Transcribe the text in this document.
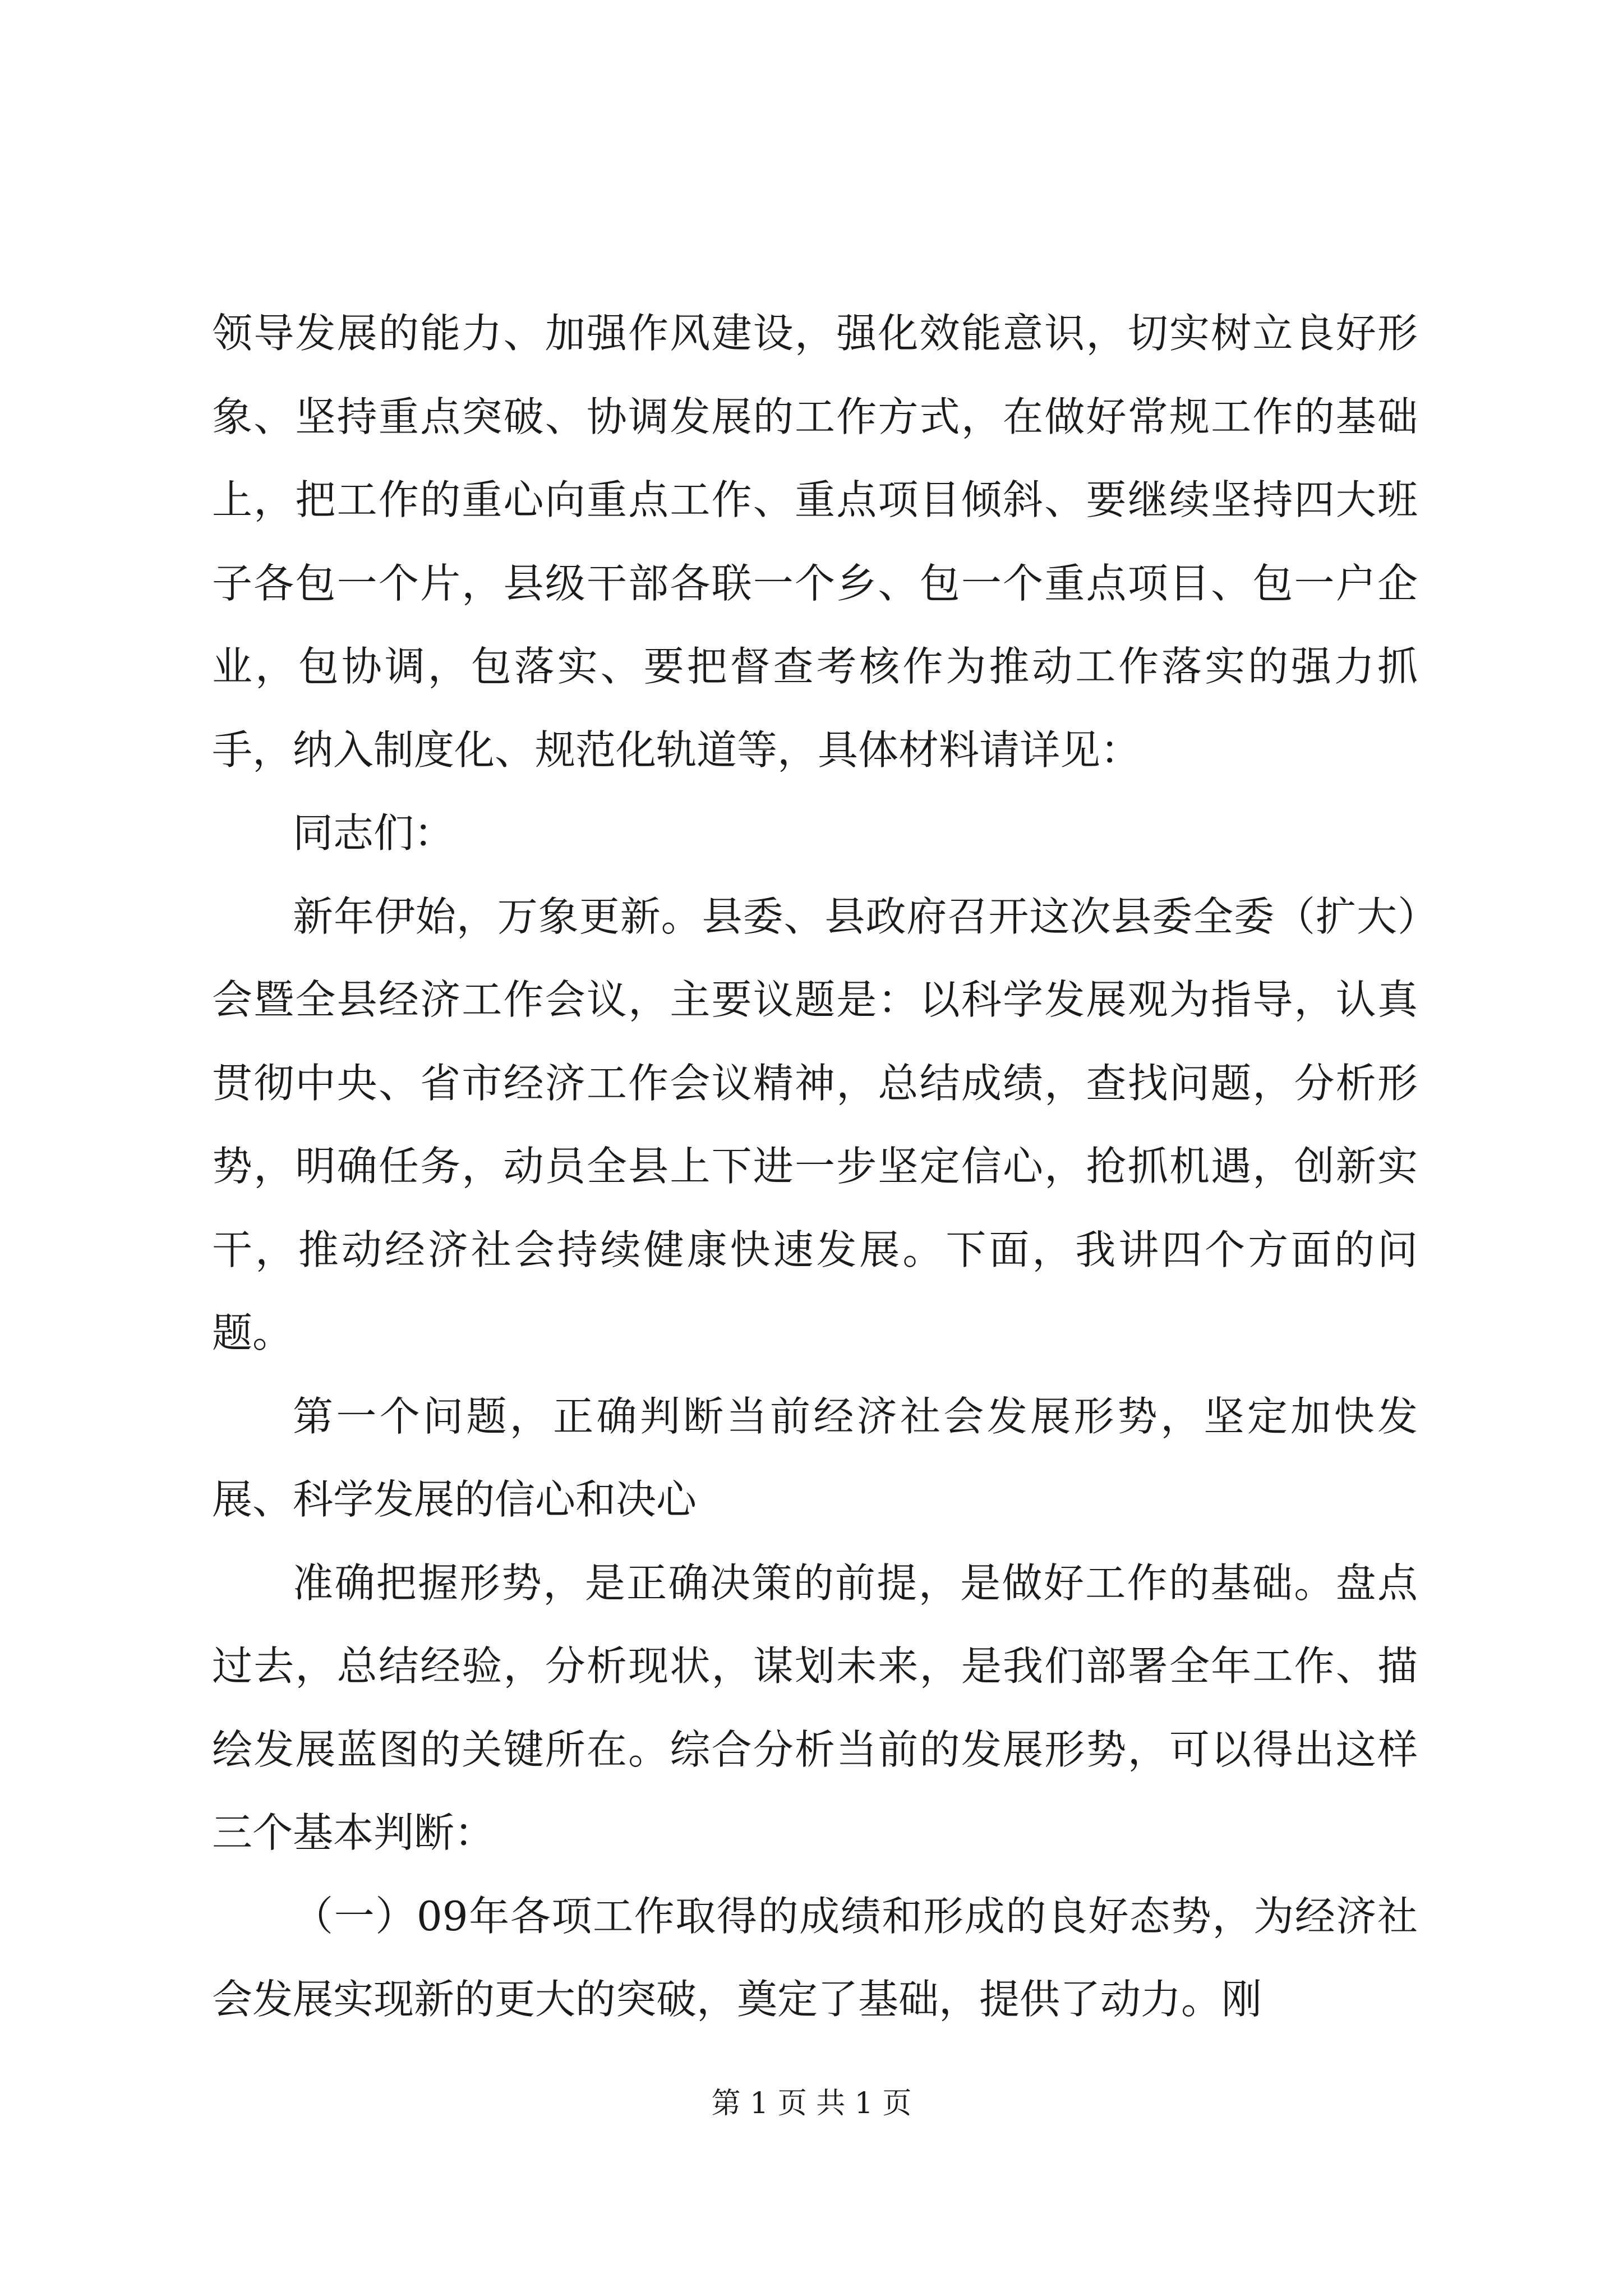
领导发展的能力、加强作风建设，强化效能意识，切实树立良好形象、坚持重点突破、协调发展的工作方式，在做好常规工作的基础上，把工作的重心向重点工作、重点项目倾斜、要继续坚持四大班子各包一个片，县级干部各联一个乡、包一个重点项目、包一户企业，包协调，包落实、要把督查考核作为推动工作落实的强力抓手，纳入制度化、规范化轨道等，具体材料请详见：

同志们：

新年伊始，万象更新。县委、县政府召开这次县委全委（扩大）会暨全县经济工作会议，主要议题是：以科学发展观为指导，认真贯彻中央、省市经济工作会议精神，总结成绩，查找问题，分析形势，明确任务，动员全县上下进一步坚定信心，抢抓机遇，创新实干，推动经济社会持续健康快速发展。下面，我讲四个方面的问题。

第一个问题，正确判断当前经济社会发展形势，坚定加快发展、科学发展的信心和决心

准确把握形势，是正确决策的前提，是做好工作的基础。盘点过去，总结经验，分析现状，谋划未来，是我们部署全年工作、描绘发展蓝图的关键所在。综合分析当前的发展形势，可以得出这样三个基本判断：

（一）09年各项工作取得的成绩和形成的良好态势，为经济社会发展实现新的更大的突破，奠定了基础，提供了动力。刚

第 1 页 共 1 页
